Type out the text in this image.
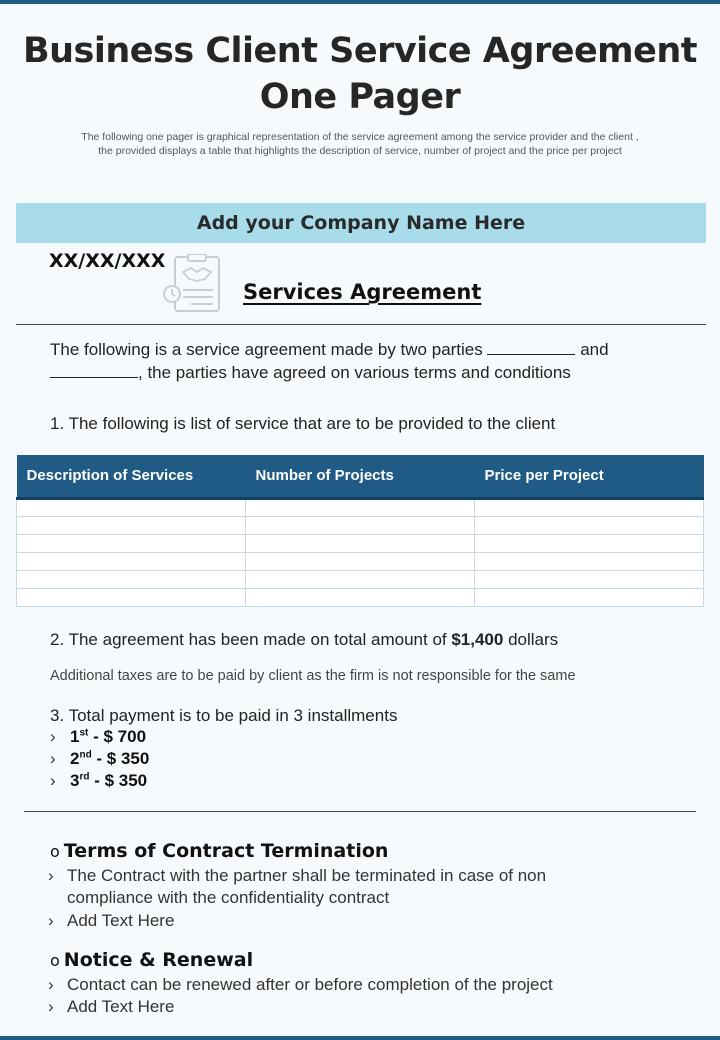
Business Client Service Agreement
One Pager
The following one pager is graphical representation of the service agreement among the service provider and the client ,
the provided displays a table that highlights the description of service, number of project and the price per project
Add your Company Name Here
XX/XX/XXX
Services Agreement
The following is a service agreement made by two parties	and
, the parties have agreed on various terms and conditions
1. The following is list of service that are to be provided to the client
Description of Services	Number of Projects	Price per Project

2. The agreement has been made on total amount of $1,400 dollars
Additional taxes are to be paid by client as the firm is not responsible for the same
3. Total payment is to be paid in 3 installments
› 1st - $ 700
› 2nd - $ 350
› 3rd - $ 350
o Terms of Contract Termination
› The Contract with the partner shall be terminated in case of non
compliance with the confidentiality contract
› Add Text Here
o Notice & Renewal
› Contact can be renewed after or before completion of the project
› Add Text Here
